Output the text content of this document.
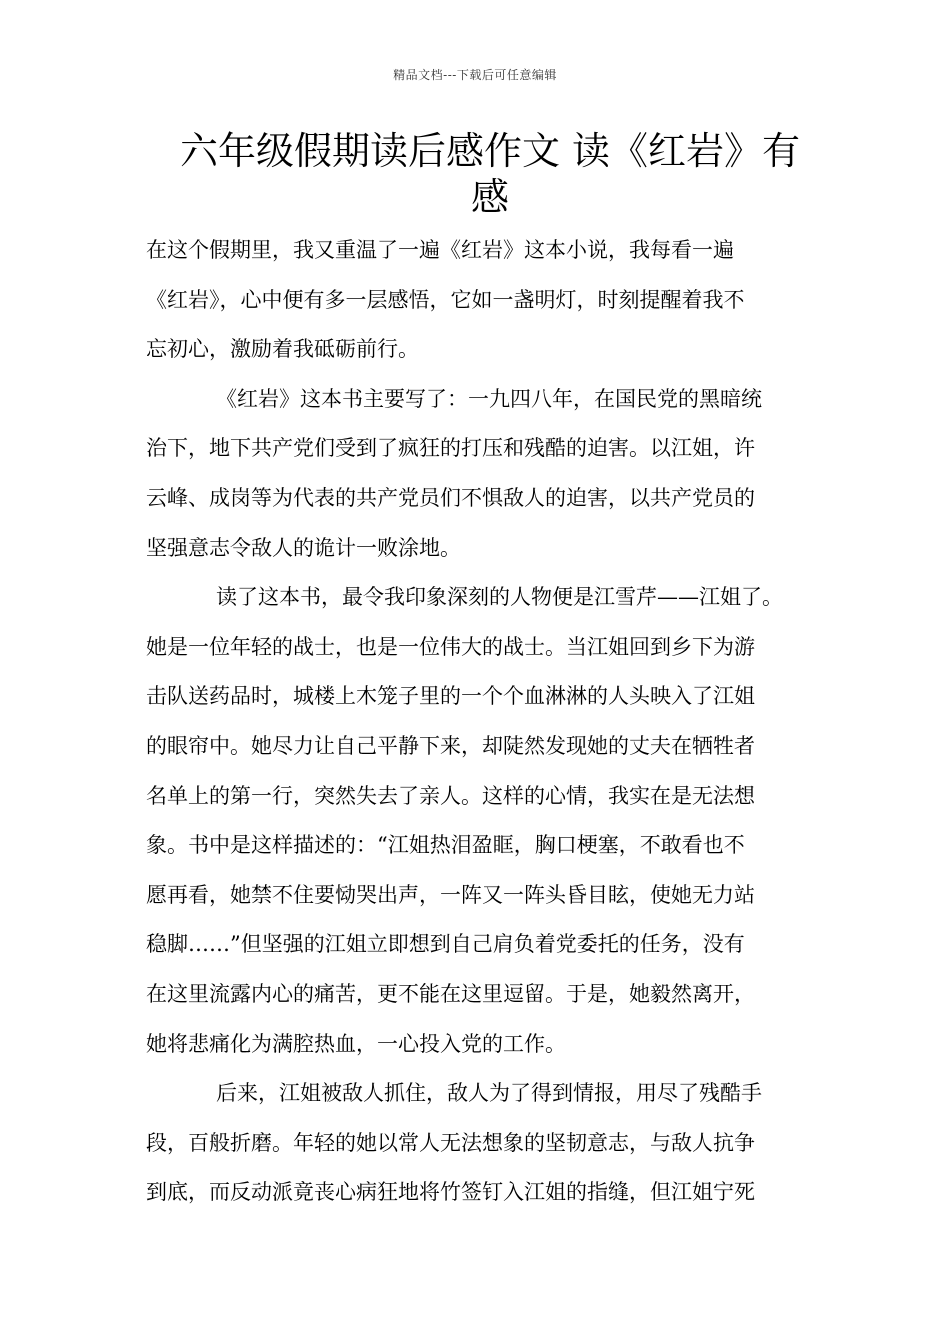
精品文档---下载后可任意编辑
六年级假期读后感作文 读《红岩》有
感
在这个假期里，我又重温了一遍《红岩》这本小说，我每看一遍
《红岩》，心中便有多一层感悟，它如一盏明灯，时刻提醒着我不
忘初心，激励着我砥砺前行。
《红岩》这本书主要写了：一九四八年，在国民党的黑暗统
治下，地下共产党们受到了疯狂的打压和残酷的迫害。以江姐，许
云峰、成岗等为代表的共产党员们不惧敌人的迫害，以共产党员的
坚强意志令敌人的诡计一败涂地。
读了这本书，最令我印象深刻的人物便是江雪芹——江姐了。
她是一位年轻的战士，也是一位伟大的战士。当江姐回到乡下为游
击队送药品时，城楼上木笼子里的一个个血淋淋的人头映入了江姐
的眼帘中。她尽力让自己平静下来，却陡然发现她的丈夫在牺牲者
名单上的第一行，突然失去了亲人。这样的心情，我实在是无法想
象。书中是这样描述的：“江姐热泪盈眶，胸口梗塞，不敢看也不
愿再看，她禁不住要恸哭出声，一阵又一阵头昏目眩，使她无力站
稳脚……”但坚强的江姐立即想到自己肩负着党委托的任务，没有
在这里流露内心的痛苦，更不能在这里逗留。于是，她毅然离开，
她将悲痛化为满腔热血，一心投入党的工作。
后来，江姐被敌人抓住，敌人为了得到情报，用尽了残酷手
段，百般折磨。年轻的她以常人无法想象的坚韧意志，与敌人抗争
到底，而反动派竟丧心病狂地将竹签钉入江姐的指缝，但江姐宁死
